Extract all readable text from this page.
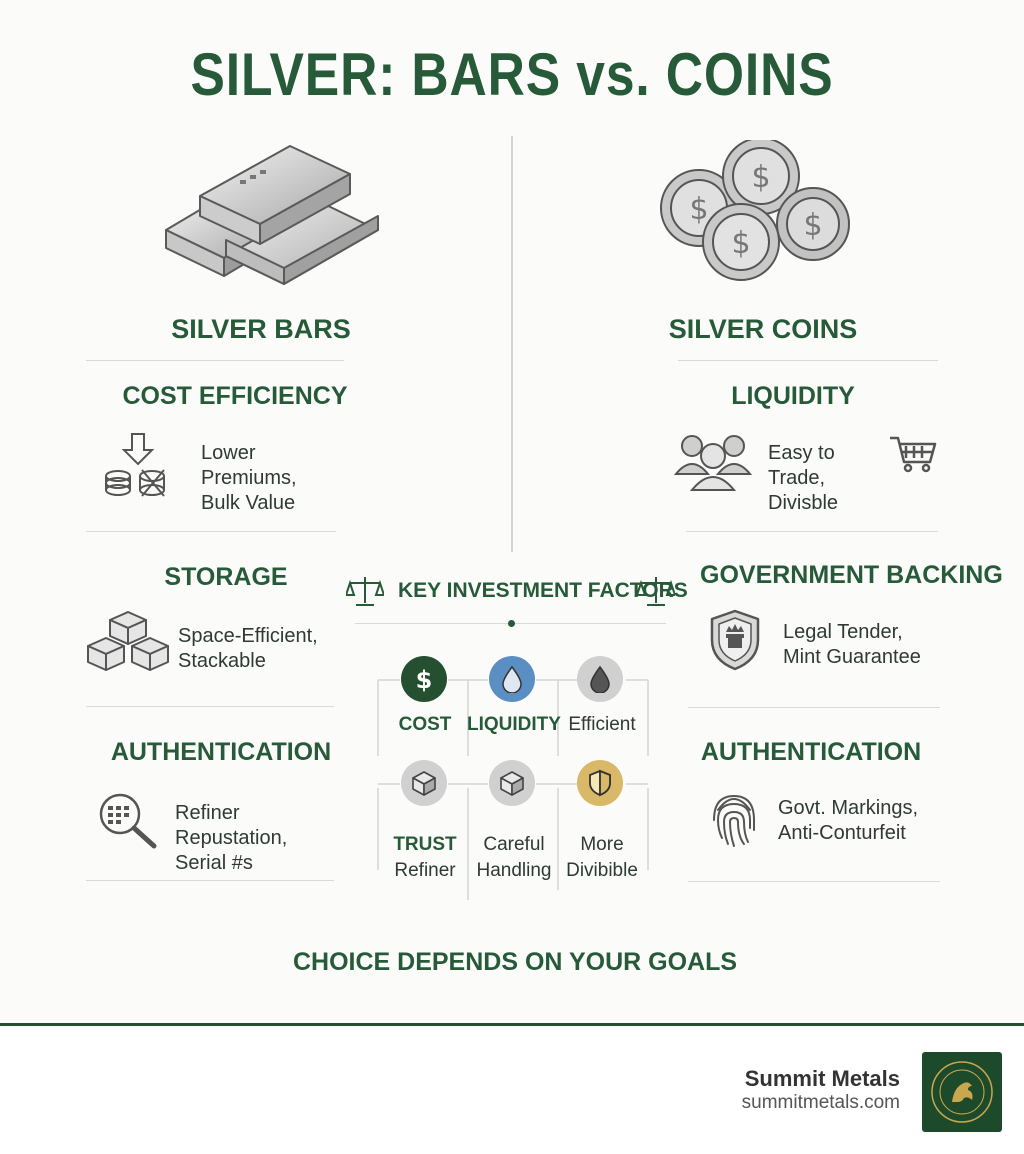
SILVER: BARS vs. COINS
$
$
$
$
SILVER BARS	SILVER COINS
COST EFFICIENCY
Lower Premiums,
Bulk Value
STORAGE
Space-Efficient,
Stackable
AUTHENTICATION
Refiner Repustation,
Serial #s
LIQUIDITY
Easy to Trade,
Divisble
GOVERNMENT BACKING
Legal Tender,
Mint Guarantee
AUTHENTICATION
Govt. Markings,
Anti-Conturfeit
KEY INVESTMENT FACTORS
$
COST LIQUIDITY Efficient
TRUST
Refiner
Careful
Handling
More
Divibible
CHOICE DEPENDS ON YOUR GOALS
Summit Metals
summitmetals.com
